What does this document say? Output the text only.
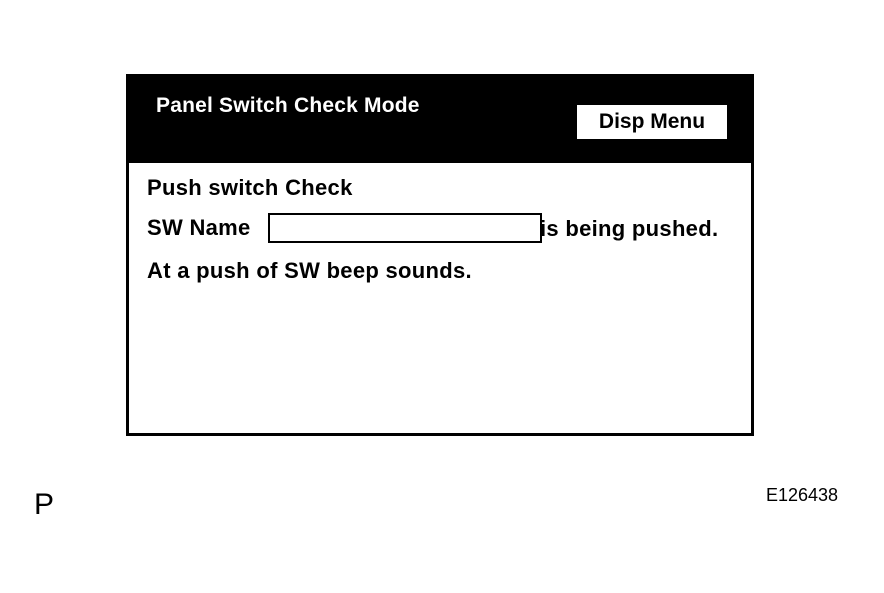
Panel Switch Check Mode
Disp Menu
Push switch Check
SW Name	is being pushed.
At a push of SW beep sounds.
P	E126438
